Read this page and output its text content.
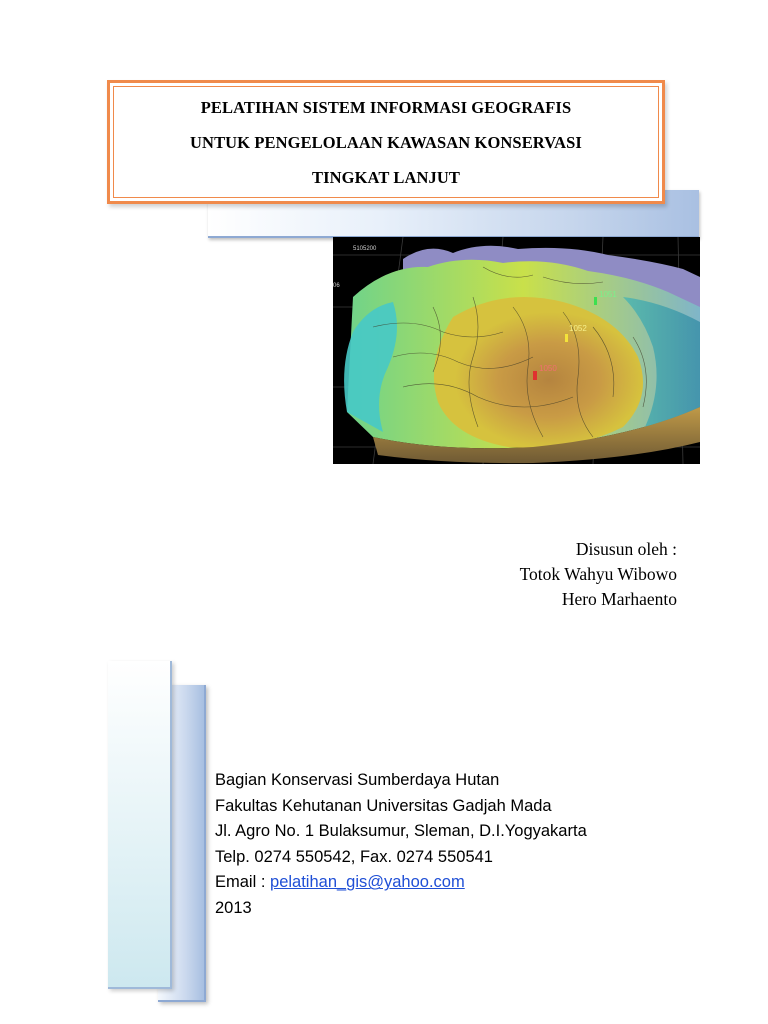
PELATIHAN SISTEM INFORMASI GEOGRAFIS
UNTUK PENGELOLAAN KAWASAN KONSERVASI
TINGKAT LANJUT
5105200
06
1051
1052
1050
Disusun oleh :
Totok Wahyu Wibowo
Hero Marhaento
Bagian Konservasi Sumberdaya Hutan
Fakultas Kehutanan Universitas Gadjah Mada
Jl. Agro No. 1 Bulaksumur, Sleman, D.I.Yogyakarta
Telp. 0274 550542, Fax. 0274 550541
Email : pelatihan_gis@yahoo.com
2013
